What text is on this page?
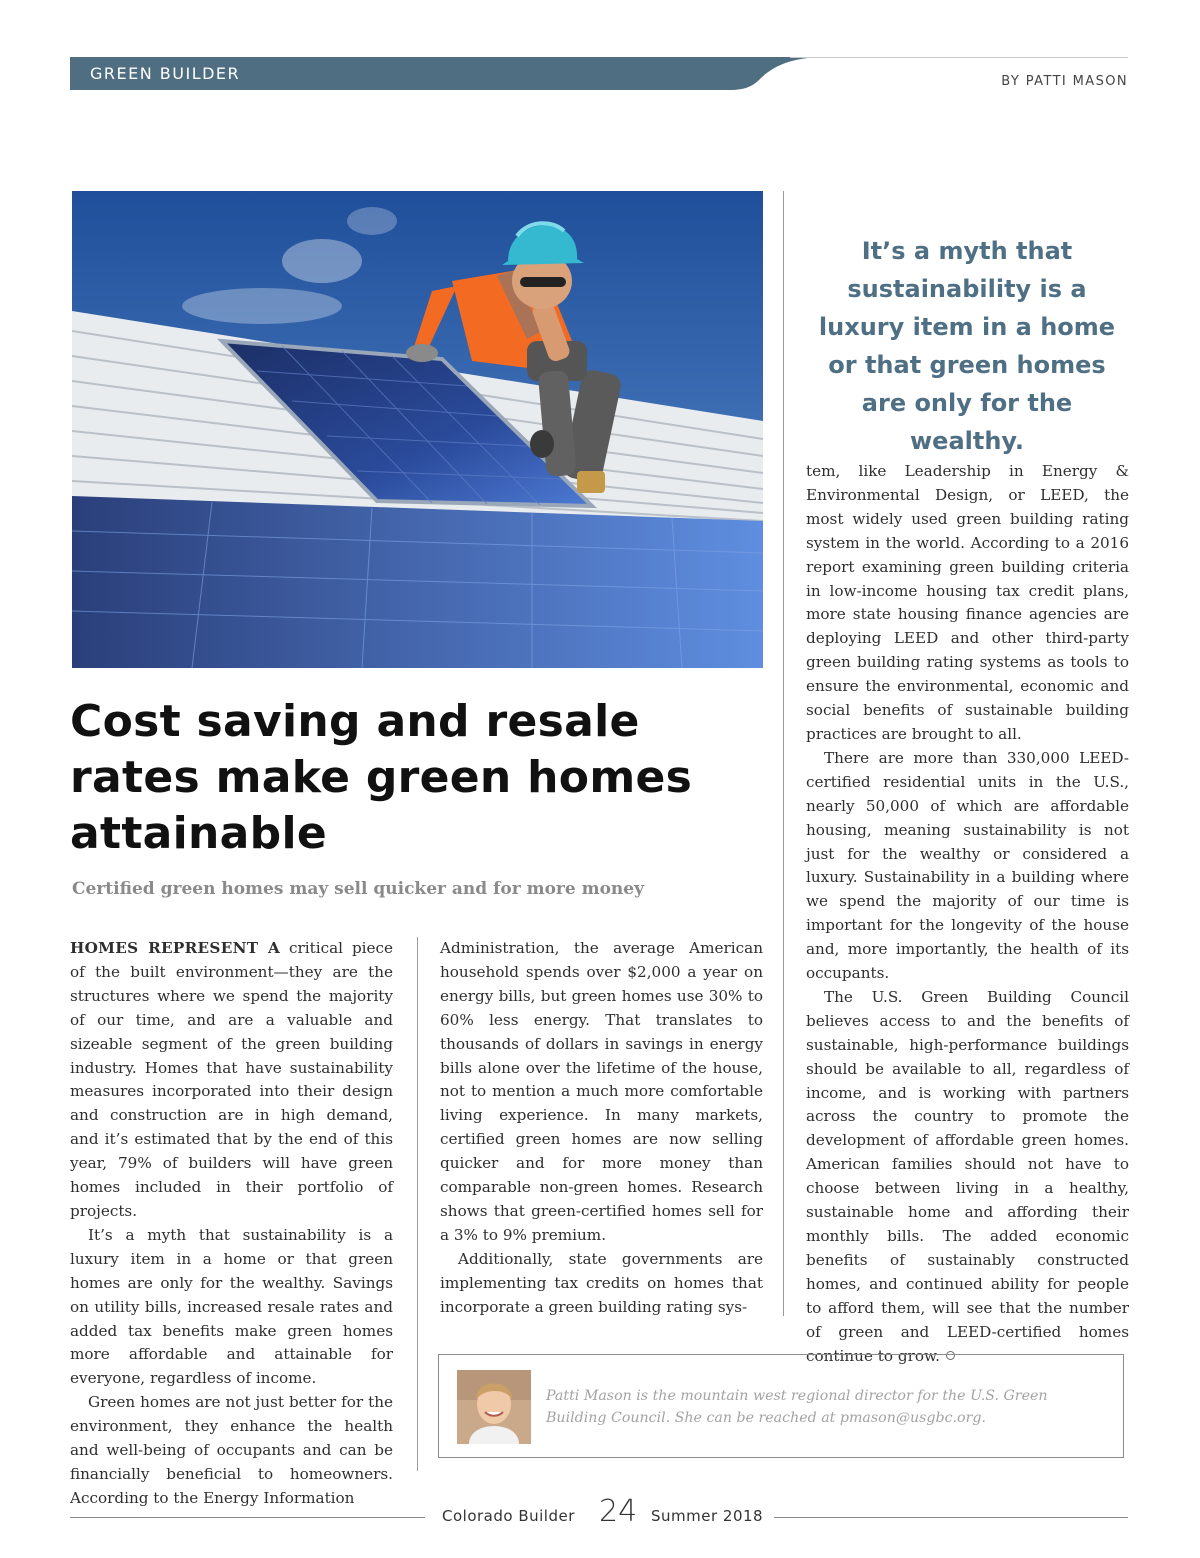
GREEN BUILDER	BY PATTI MASON
It’s a myth that sustainability is a luxury item in a home or that green homes are only for the wealthy.
Cost saving and resale rates make green homes attainable
Certified green homes may sell quicker and for more money

HOMES REPRESENT A critical piece of the built environment—they are the structures where we spend the majority of our time, and are a valuable and sizeable segment of the green building industry. Homes that have sustainability measures incorporated into their design and construction are in high demand, and it’s estimated that by the end of this year, 79% of builders will have green homes included in their portfolio of projects.

It’s a myth that sustainability is a luxury item in a home or that green homes are only for the wealthy. Savings on utility bills, increased resale rates and added tax benefits make green homes more affordable and attainable for everyone, regardless of income.

Green homes are not just better for the environment, they enhance the health and well-being of occupants and can be financially beneficial to homeowners. According to the Energy Information

Administration, the average American household spends over $2,000 a year on energy bills, but green homes use 30% to 60% less energy. That translates to thousands of dollars in savings in energy bills alone over the lifetime of the house, not to mention a much more comfortable living experience. In many markets, certified green homes are now selling quicker and for more money than comparable non-green homes. Research shows that green-certified homes sell for a 3% to 9% premium.

Additionally, state governments are implementing tax credits on homes that incorporate a green building rating sys-

tem, like Leadership in Energy & Environmental Design, or LEED, the most widely used green building rating system in the world. According to a 2016 report examining green building criteria in low-income housing tax credit plans, more state housing finance agencies are deploying LEED and other third-party green building rating systems as tools to ensure the environmental, economic and social benefits of sustainable building practices are brought to all.

There are more than 330,000 LEED-certified residential units in the U.S., nearly 50,000 of which are affordable housing, meaning sustainability is not just for the wealthy or considered a luxury. Sustainability in a building where we spend the majority of our time is important for the longevity of the house and, more importantly, the health of its occupants.

The U.S. Green Building Council believes access to and the benefits of sustainable, high-performance buildings should be available to all, regardless of income, and is working with partners across the country to promote the development of affordable green homes. American families should not have to choose between living in a healthy, sustainable home and affording their monthly bills. The added economic benefits of sustainably constructed homes, and continued ability for people to afford them, will see that the number of green and LEED-certified homes continue to grow.

Patti Mason is the mountain west regional director for the U.S. Green Building Council. She can be reached at pmason@usgbc.org.
Colorado Builder 24 Summer 2018
